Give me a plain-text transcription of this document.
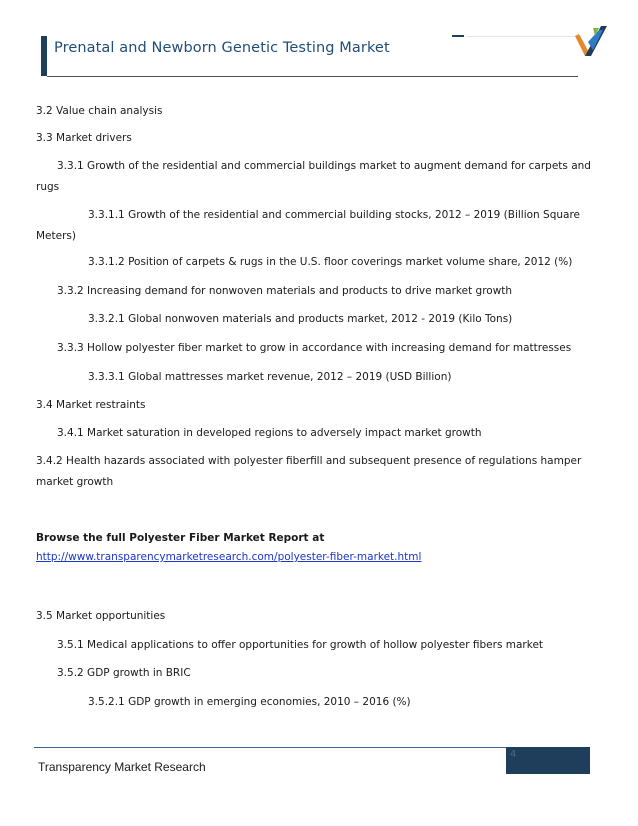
Prenatal and Newborn Genetic Testing Market
3.2 Value chain analysis
3.3 Market drivers
3.3.1 Growth of the residential and commercial buildings market to augment demand for carpets and
rugs
3.3.1.1 Growth of the residential and commercial building stocks, 2012 – 2019 (Billion Square
Meters)
3.3.1.2 Position of carpets & rugs in the U.S. floor coverings market volume share, 2012 (%)
3.3.2 Increasing demand for nonwoven materials and products to drive market growth
3.3.2.1 Global nonwoven materials and products market, 2012 - 2019 (Kilo Tons)
3.3.3 Hollow polyester fiber market to grow in accordance with increasing demand for mattresses
3.3.3.1 Global mattresses market revenue, 2012 – 2019 (USD Billion)
3.4 Market restraints
3.4.1 Market saturation in developed regions to adversely impact market growth
3.4.2 Health hazards associated with polyester fiberfill and subsequent presence of regulations hamper
market growth
Browse the full Polyester Fiber Market Report at
http://www.transparencymarketresearch.com/polyester-fiber-market.html
3.5 Market opportunities
3.5.1 Medical applications to offer opportunities for growth of hollow polyester fibers market
3.5.2 GDP growth in BRIC
3.5.2.1 GDP growth in emerging economies, 2010 – 2016 (%)
4
Transparency Market Research
